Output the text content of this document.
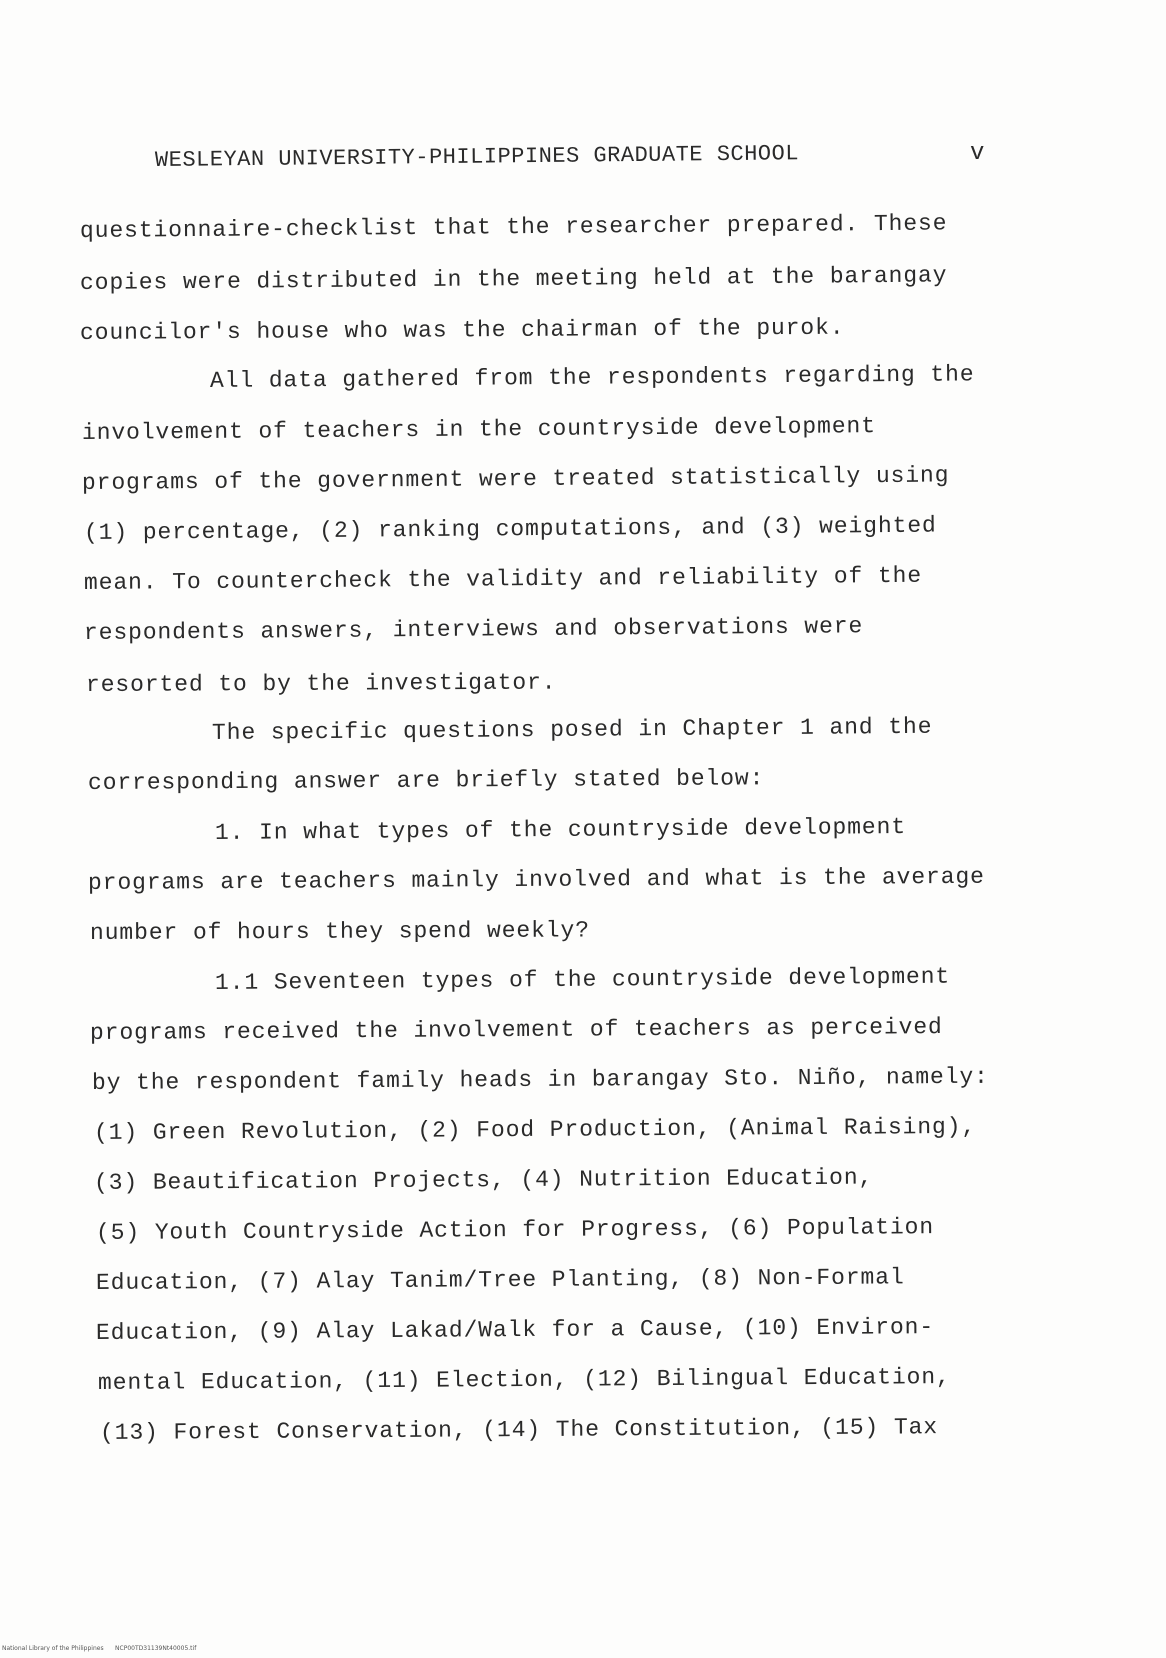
WESLEYAN UNIVERSITY-PHILIPPINES GRADUATE SCHOOL	v
questionnaire-checklist that the researcher prepared. These
copies were distributed in the meeting held at the barangay
councilor's house who was the chairman of the purok.
All data gathered from the respondents regarding the
involvement of teachers in the countryside development
programs of the government were treated statistically using
(1) percentage, (2) ranking computations, and (3) weighted
mean. To countercheck the validity and reliability of the
respondents answers, interviews and observations were
resorted to by the investigator.
The specific questions posed in Chapter 1 and the
corresponding answer are briefly stated below:
1. In what types of the countryside development
programs are teachers mainly involved and what is the average
number of hours they spend weekly?
1.1 Seventeen types of the countryside development
programs received the involvement of teachers as perceived
by the respondent family heads in barangay Sto. Niño, namely:
(1) Green Revolution, (2) Food Production, (Animal Raising),
(3) Beautification Projects, (4) Nutrition Education,
(5) Youth Countryside Action for Progress, (6) Population
Education, (7) Alay Tanim/Tree Planting, (8) Non-Formal
Education, (9) Alay Lakad/Walk for a Cause, (10) Environ-
mental Education, (11) Election, (12) Bilingual Education,
(13) Forest Conservation, (14) The Constitution, (15) Tax
National Library of the Philippines NCP00TD31139Nt40005.tif
